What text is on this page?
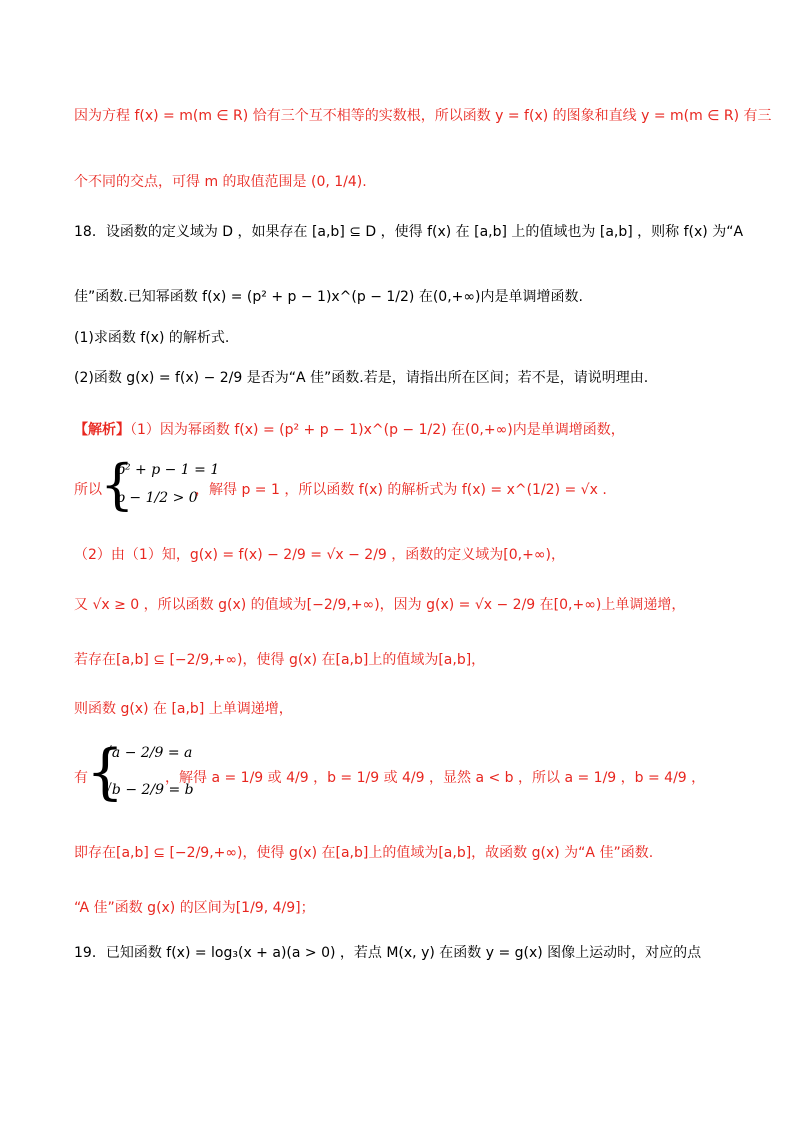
因为方程 f(x) = m(m ∈ R) 恰有三个互不相等的实数根，所以函数 y = f(x) 的图象和直线 y = m(m ∈ R) 有三
个不同的交点，可得 m 的取值范围是 (0, 1/4).
18．设函数的定义域为 D ，如果存在 [a,b] ⊆ D ，使得 f(x) 在 [a,b] 上的值域也为 [a,b] ，则称 f(x) 为“A
佳”函数.已知幂函数 f(x) = (p² + p − 1)x^(p − 1/2) 在(0,+∞)内是单调增函数.
(1)求函数 f(x) 的解析式.
(2)函数 g(x) = f(x) − 2/9 是否为“A 佳”函数.若是，请指出所在区间；若不是，请说明理由.
【解析】（1）因为幂函数 f(x) = (p² + p − 1)x^(p − 1/2) 在(0,+∞)内是单调增函数，
所以
{
p² + p − 1 = 1
p − 1/2 > 0
，解得 p = 1 ，所以函数 f(x) 的解析式为 f(x) = x^(1/2) = √x .
（2）由（1）知，g(x) = f(x) − 2/9 = √x − 2/9 ，函数的定义域为[0,+∞)，
又 √x ≥ 0 ，所以函数 g(x) 的值域为[−2/9,+∞)，因为 g(x) = √x − 2/9 在[0,+∞)上单调递增，
若存在[a,b] ⊆ [−2/9,+∞)，使得 g(x) 在[a,b]上的值域为[a,b]，
则函数 g(x) 在 [a,b] 上单调递增，
有
{
√a − 2/9 = a
√b − 2/9 = b
，解得 a = 1/9 或 4/9 ，b = 1/9 或 4/9 ，显然 a < b ，所以 a = 1/9 ，b = 4/9 ，
即存在[a,b] ⊆ [−2/9,+∞)，使得 g(x) 在[a,b]上的值域为[a,b]，故函数 g(x) 为“A 佳”函数.
“A 佳”函数 g(x) 的区间为[1/9, 4/9]；
19．已知函数 f(x) = log₃(x + a)(a > 0) ，若点 M(x, y) 在函数 y = g(x) 图像上运动时，对应的点
